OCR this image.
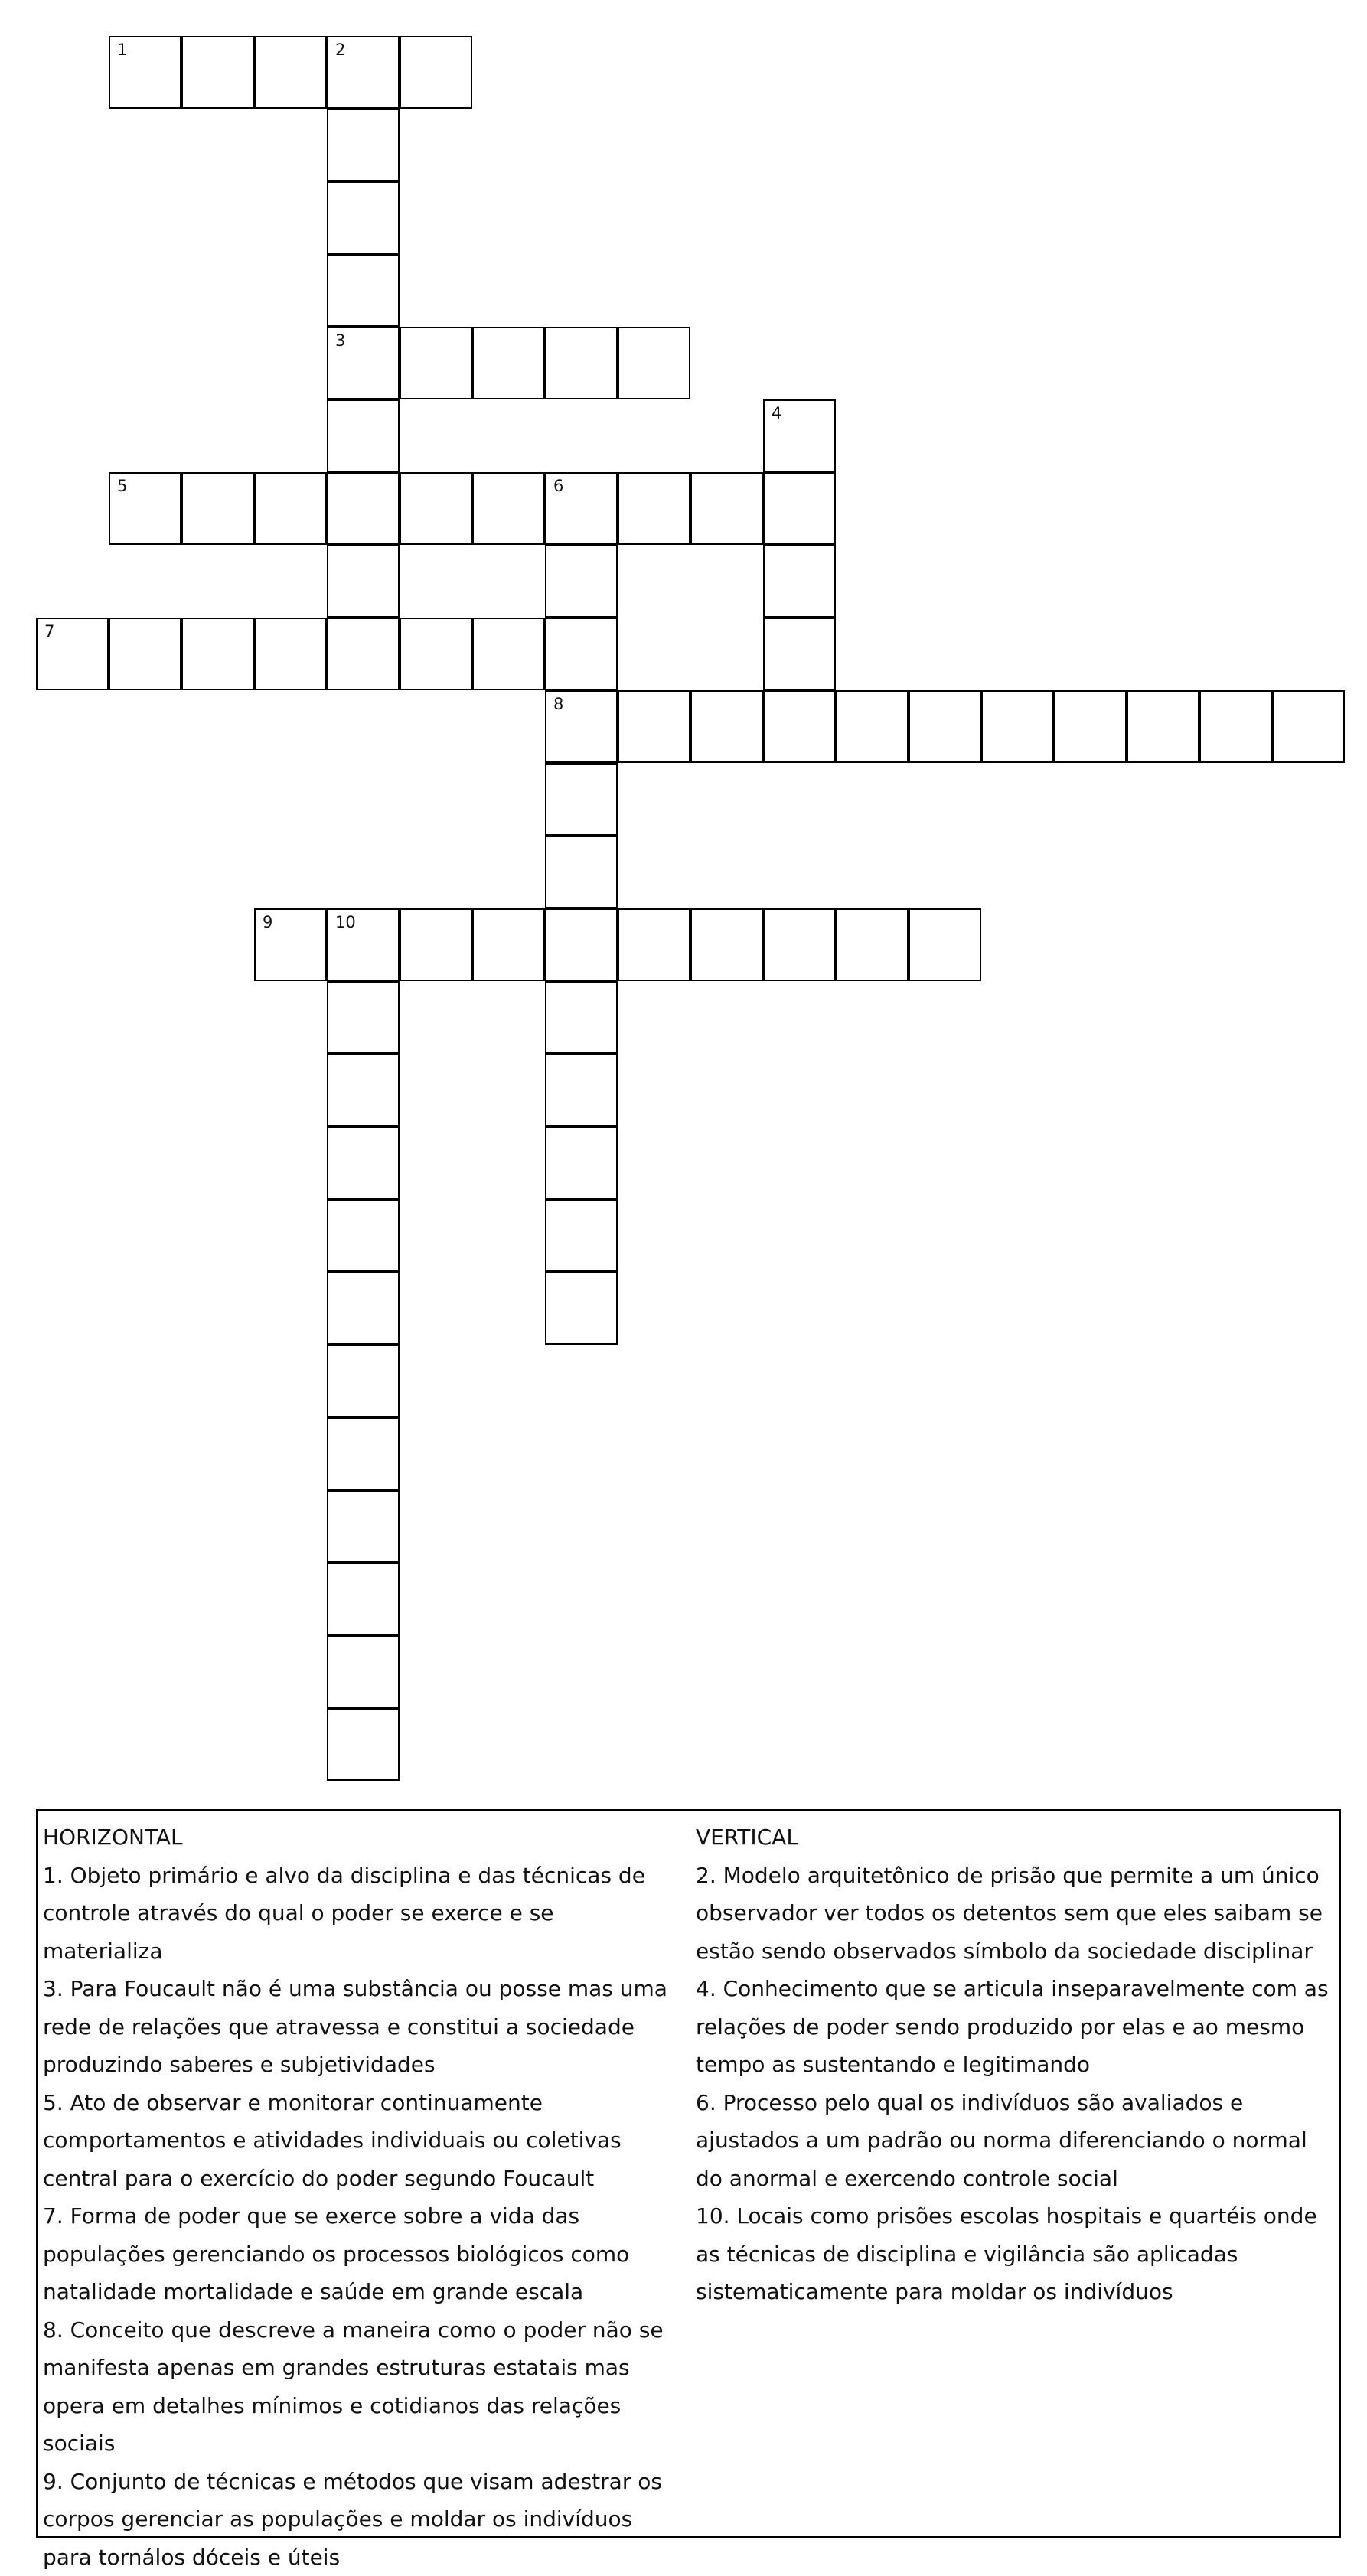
1	2
3
4
5	6
8
7
9	10

HORIZONTAL

1. Objeto primário e alvo da disciplina e das técnicas de controle através do qual o poder se exerce e se materializa

3. Para Foucault não é uma substância ou posse mas uma rede de relações que atravessa e constitui a sociedade produzindo saberes e subjetividades

5. Ato de observar e monitorar continuamente comportamentos e atividades individuais ou coletivas central para o exercício do poder segundo Foucault

7. Forma de poder que se exerce sobre a vida das populações gerenciando os processos biológicos como natalidade mortalidade e saúde em grande escala

8. Conceito que descreve a maneira como o poder não se manifesta apenas em grandes estruturas estatais mas opera em detalhes mínimos e cotidianos das relações sociais

9. Conjunto de técnicas e métodos que visam adestrar os corpos gerenciar as populações e moldar os indivíduos para tornálos dóceis e úteis

VERTICAL

2. Modelo arquitetônico de prisão que permite a um único observador ver todos os detentos sem que eles saibam se estão sendo observados símbolo da sociedade disciplinar

4. Conhecimento que se articula inseparavelmente com as relações de poder sendo produzido por elas e ao mesmo tempo as sustentando e legitimando

6. Processo pelo qual os indivíduos são avaliados e ajustados a um padrão ou norma diferenciando o normal do anormal e exercendo controle social

10. Locais como prisões escolas hospitais e quartéis onde as técnicas de disciplina e vigilância são aplicadas sistematicamente para moldar os indivíduos
